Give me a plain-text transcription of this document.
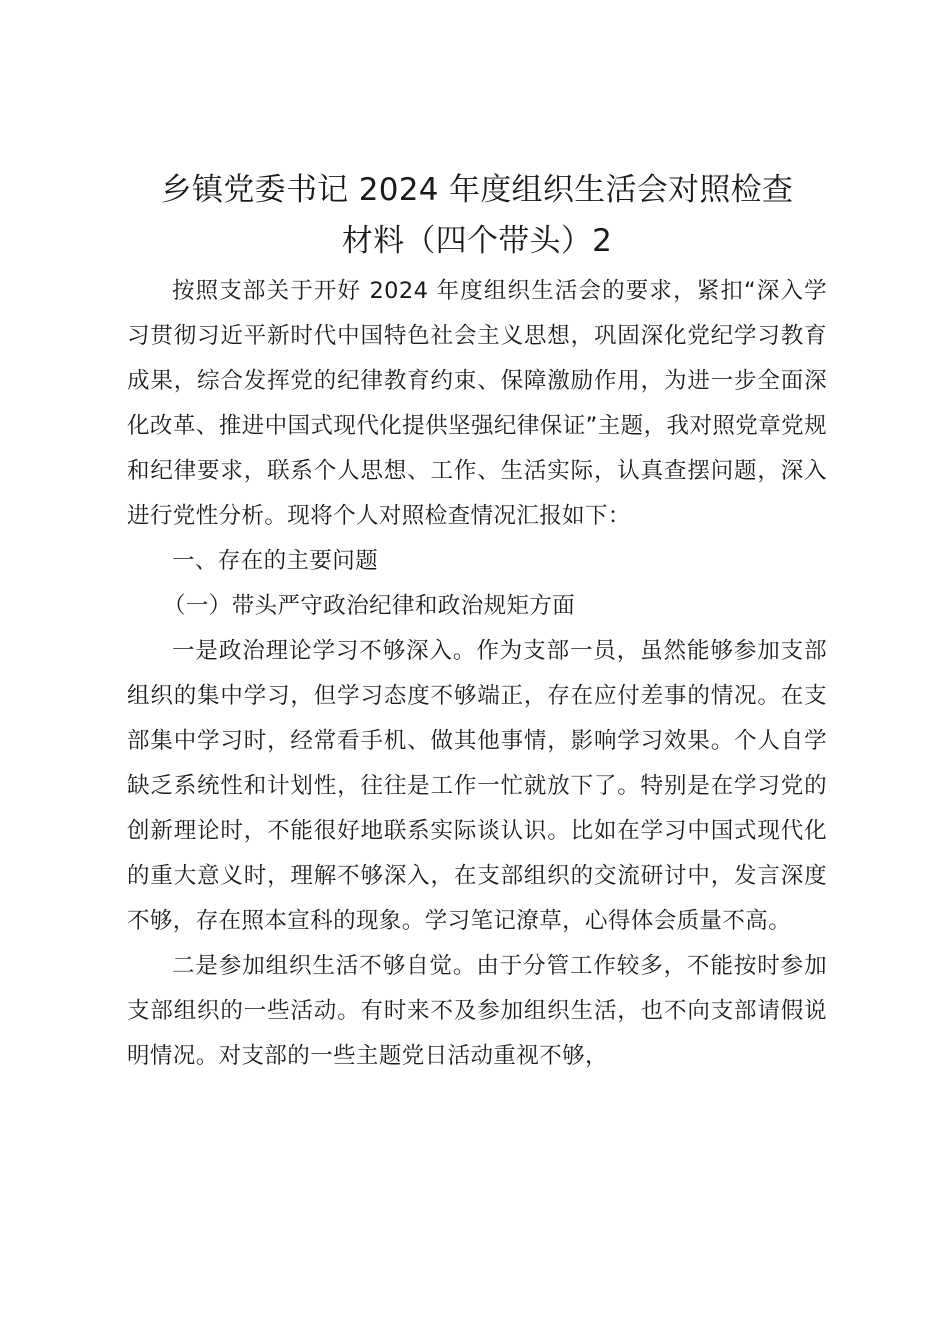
乡镇党委书记 2024 年度组织生活会对照检查
材料（四个带头）2

按照支部关于开好 2024 年度组织生活会的要求，紧扣“深入学习贯彻习近平新时代中国特色社会主义思想，巩固深化党纪学习教育成果，综合发挥党的纪律教育约束、保障激励作用，为进一步全面深化改革、推进中国式现代化提供坚强纪律保证”主题，我对照党章党规和纪律要求，联系个人思想、工作、生活实际，认真查摆问题，深入进行党性分析。现将个人对照检查情况汇报如下：

一、存在的主要问题

（一）带头严守政治纪律和政治规矩方面

一是政治理论学习不够深入。作为支部一员，虽然能够参加支部组织的集中学习，但学习态度不够端正，存在应付差事的情况。在支部集中学习时，经常看手机、做其他事情，影响学习效果。个人自学缺乏系统性和计划性，往往是工作一忙就放下了。特别是在学习党的创新理论时，不能很好地联系实际谈认识。比如在学习中国式现代化的重大意义时，理解不够深入，在支部组织的交流研讨中，发言深度不够，存在照本宣科的现象。学习笔记潦草，心得体会质量不高。

二是参加组织生活不够自觉。由于分管工作较多，不能按时参加支部组织的一些活动。有时来不及参加组织生活，也不向支部请假说明情况。对支部的一些主题党日活动重视不够，
